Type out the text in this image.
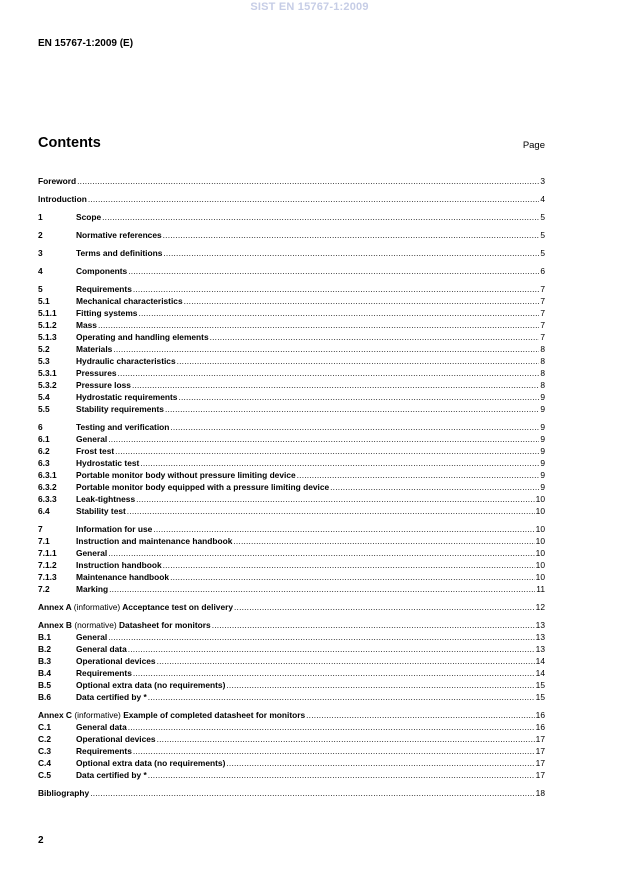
SIST EN 15767-1:2009
EN 15767-1:2009 (E)
Contents	Page
Foreword .....	3
Introduction .....	4
1	Scope .....	5
2	Normative references .....	5
3	Terms and definitions .....	5
4	Components .....	6
5	Requirements .....	7
5.1	Mechanical characteristics .....	7
5.1.1	Fitting systems .....	7
5.1.2	Mass .....	7
5.1.3	Operating and handling elements .....	7
5.2	Materials .....	8
5.3	Hydraulic characteristics .....	8
5.3.1	Pressures .....	8
5.3.2	Pressure loss .....	8
5.4	Hydrostatic requirements .....	9
5.5	Stability requirements .....	9
6	Testing and verification .....	9
6.1	General .....	9
6.2	Frost test .....	9
6.3	Hydrostatic test .....	9
6.3.1	Portable monitor body without pressure limiting device .....	9
6.3.2	Portable monitor body equipped with a pressure limiting device .....	9
6.3.3	Leak-tightness .....	10
6.4	Stability test .....	10
7	Information for use .....	10
7.1	Instruction and maintenance handbook .....	10
7.1.1	General .....	10
7.1.2	Instruction handbook .....	10
7.1.3	Maintenance handbook .....	10
7.2	Marking .....	11
Annex A (informative) Acceptance test on delivery .....	12
Annex B (normative) Datasheet for monitors .....	13
B.1	General .....	13
B.2	General data .....	13
B.3	Operational devices .....	14
B.4	Requirements .....	14
B.5	Optional extra data (no requirements) .....	15
B.6	Data certified by * .....	15
Annex C (informative) Example of completed datasheet for monitors .....	16
C.1	General data .....	16
C.2	Operational devices .....	17
C.3	Requirements .....	17
C.4	Optional extra data (no requirements) .....	17
C.5	Data certified by * .....	17
Bibliography .....	18
2
